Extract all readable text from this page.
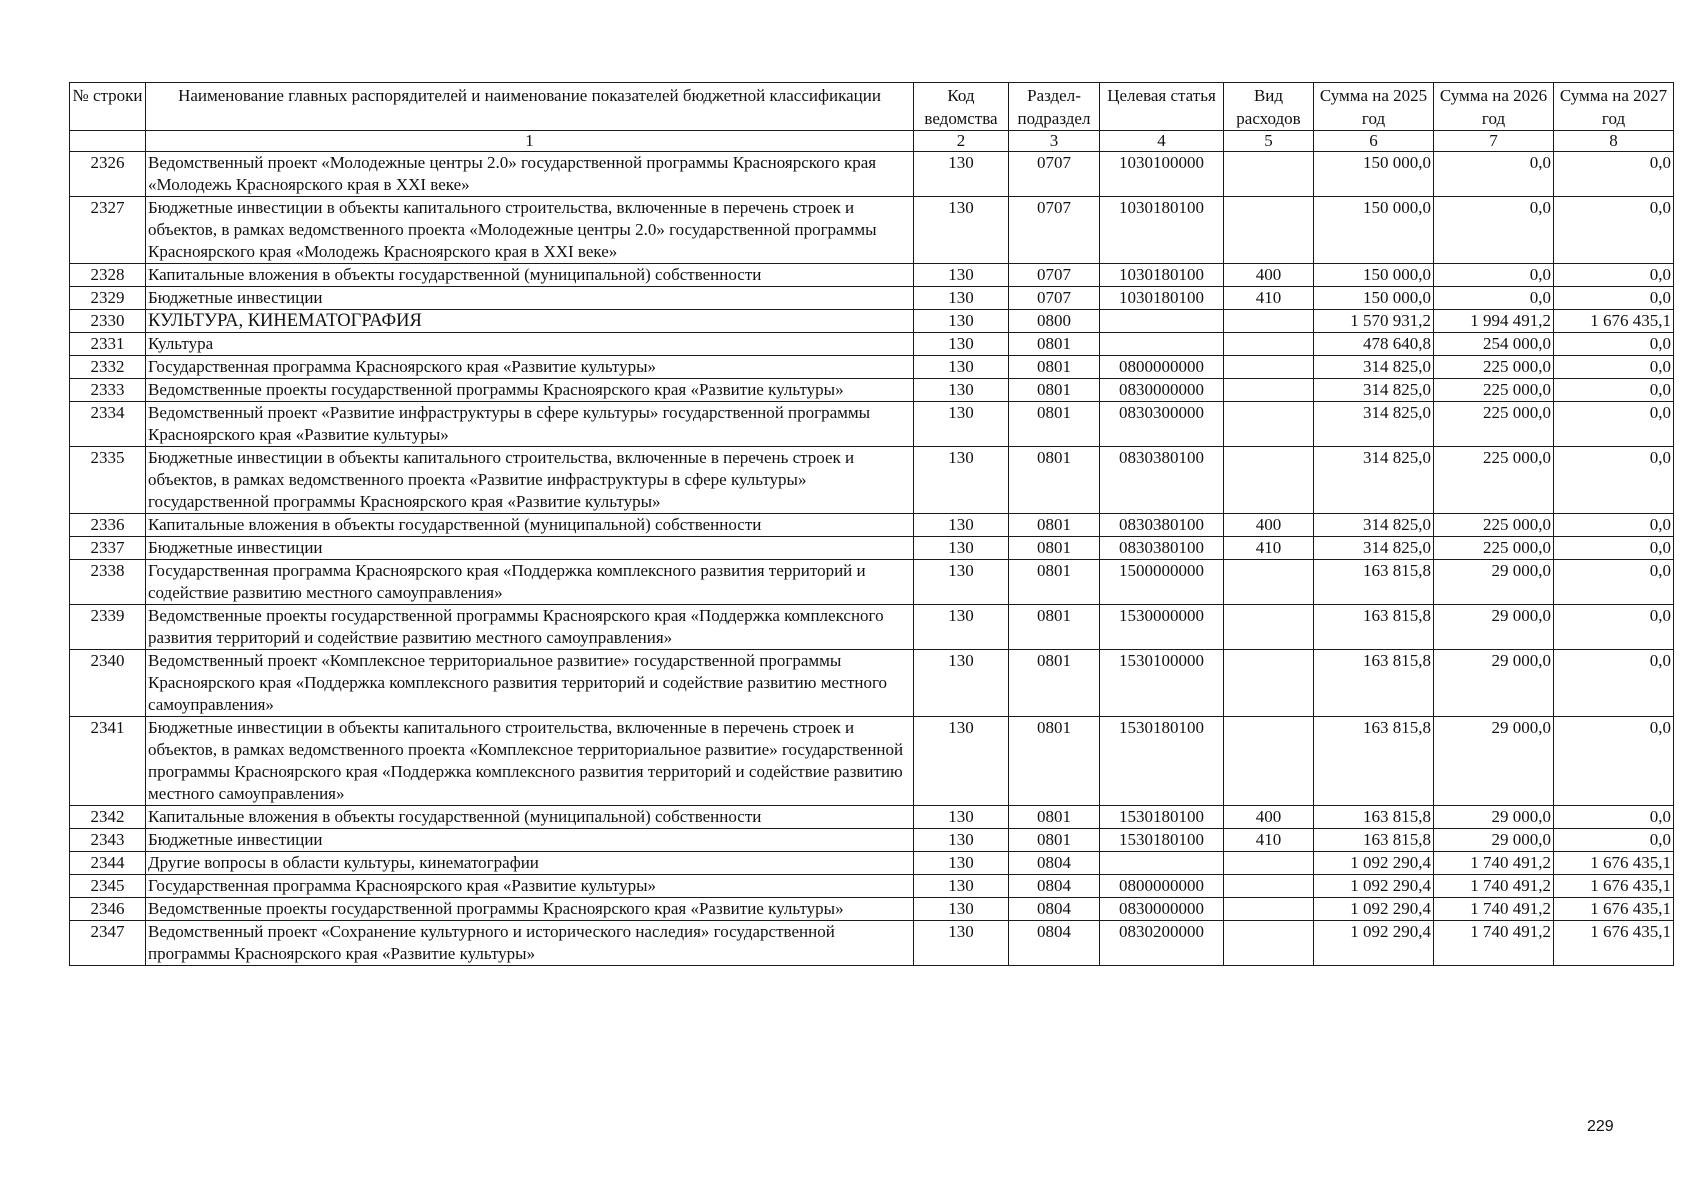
№ строки	Наименование главных распорядителей и наименование показателей бюджетной классификации	Код ведомства	Раздел- подраздел	Целевая статья	Вид расходов	Сумма на 2025 год	Сумма на 2026 год	Сумма на 2027 год
	1	2	3	4	5	6	7	8
2326	Ведомственный проект «Молодежные центры 2.0» государственной программы Красноярского края «Молодежь Красноярского края в XXI веке»	130	0707	1030100000		150 000,0	0,0	0,0
2327	Бюджетные инвестиции в объекты капитального строительства, включенные в перечень строек и объектов, в рамках ведомственного проекта «Молодежные центры 2.0» государственной программы Красноярского края «Молодежь Красноярского края в XXI веке»	130	0707	1030180100		150 000,0	0,0	0,0
2328	Капитальные вложения в объекты государственной (муниципальной) собственности	130	0707	1030180100	400	150 000,0	0,0	0,0
2329	Бюджетные инвестиции	130	0707	1030180100	410	150 000,0	0,0	0,0
2330	КУЛЬТУРА, КИНЕМАТОГРАФИЯ	130	0800			1 570 931,2	1 994 491,2	1 676 435,1
2331	Культура	130	0801			478 640,8	254 000,0	0,0
2332	Государственная программа Красноярского края «Развитие культуры»	130	0801	0800000000		314 825,0	225 000,0	0,0
2333	Ведомственные проекты государственной программы Красноярского края «Развитие культуры»	130	0801	0830000000		314 825,0	225 000,0	0,0
2334	Ведомственный проект «Развитие инфраструктуры в сфере культуры» государственной программы Красноярского края «Развитие культуры»	130	0801	0830300000		314 825,0	225 000,0	0,0
2335	Бюджетные инвестиции в объекты капитального строительства, включенные в перечень строек и объектов, в рамках ведомственного проекта «Развитие инфраструктуры в сфере культуры» государственной программы Красноярского края «Развитие культуры»	130	0801	0830380100		314 825,0	225 000,0	0,0
2336	Капитальные вложения в объекты государственной (муниципальной) собственности	130	0801	0830380100	400	314 825,0	225 000,0	0,0
2337	Бюджетные инвестиции	130	0801	0830380100	410	314 825,0	225 000,0	0,0
2338	Государственная программа Красноярского края «Поддержка комплексного развития территорий и содействие развитию местного самоуправления»	130	0801	1500000000		163 815,8	29 000,0	0,0
2339	Ведомственные проекты государственной программы Красноярского края «Поддержка комплексного развития территорий и содействие развитию местного самоуправления»	130	0801	1530000000		163 815,8	29 000,0	0,0
2340	Ведомственный проект «Комплексное территориальное развитие» государственной программы Красноярского края «Поддержка комплексного развития территорий и содействие развитию местного самоуправления»	130	0801	1530100000		163 815,8	29 000,0	0,0
2341	Бюджетные инвестиции в объекты капитального строительства, включенные в перечень строек и объектов, в рамках ведомственного проекта «Комплексное территориальное развитие» государственной программы Красноярского края «Поддержка комплексного развития территорий и содействие развитию местного самоуправления»	130	0801	1530180100		163 815,8	29 000,0	0,0
2342	Капитальные вложения в объекты государственной (муниципальной) собственности	130	0801	1530180100	400	163 815,8	29 000,0	0,0
2343	Бюджетные инвестиции	130	0801	1530180100	410	163 815,8	29 000,0	0,0
2344	Другие вопросы в области культуры, кинематографии	130	0804			1 092 290,4	1 740 491,2	1 676 435,1
2345	Государственная программа Красноярского края «Развитие культуры»	130	0804	0800000000		1 092 290,4	1 740 491,2	1 676 435,1
2346	Ведомственные проекты государственной программы Красноярского края «Развитие культуры»	130	0804	0830000000		1 092 290,4	1 740 491,2	1 676 435,1
2347	Ведомственный проект «Сохранение культурного и исторического наследия» государственной программы Красноярского края «Развитие культуры»	130	0804	0830200000		1 092 290,4	1 740 491,2	1 676 435,1
229
